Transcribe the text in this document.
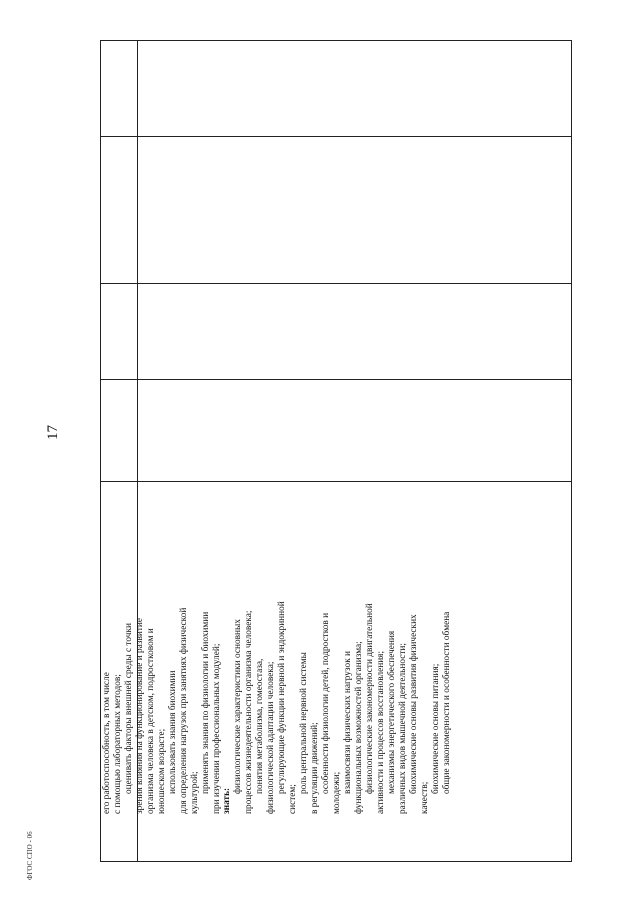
17
ФГОС СПО - 06
его работоспособность, в том числе с помощью лабораторных методов; оценивать факторы внешней среды с точки зрения влияния на функционирование и развитие организма человека в детском, подростковом и юношеском возрасте; использовать знания биохимии для определения нагрузок при занятиях физической культурой; применять знания по физиологии и биохимии при изучении профессиональных модулей; знать:
физиологические характеристики основных процессов жизнедеятельности организма человека; понятия метаболизма, гомеостаза, физиологической адаптации человека; регулирующие функции нервной и эндокринной
систем;
роль центральной нервной системы в регуляции движений; особенности физиологии детей, подростков и молодежи; взаимосвязи физических нагрузок и функциональных возможностей организма; физиологические закономерности двигательной активности и процессов восстановления; механизмы энергетического обеспечения различных видов мышечной деятельности; биохимические основы развития физических
качеств;
биохимические основы питания; общие закономерности и особенности обмена
